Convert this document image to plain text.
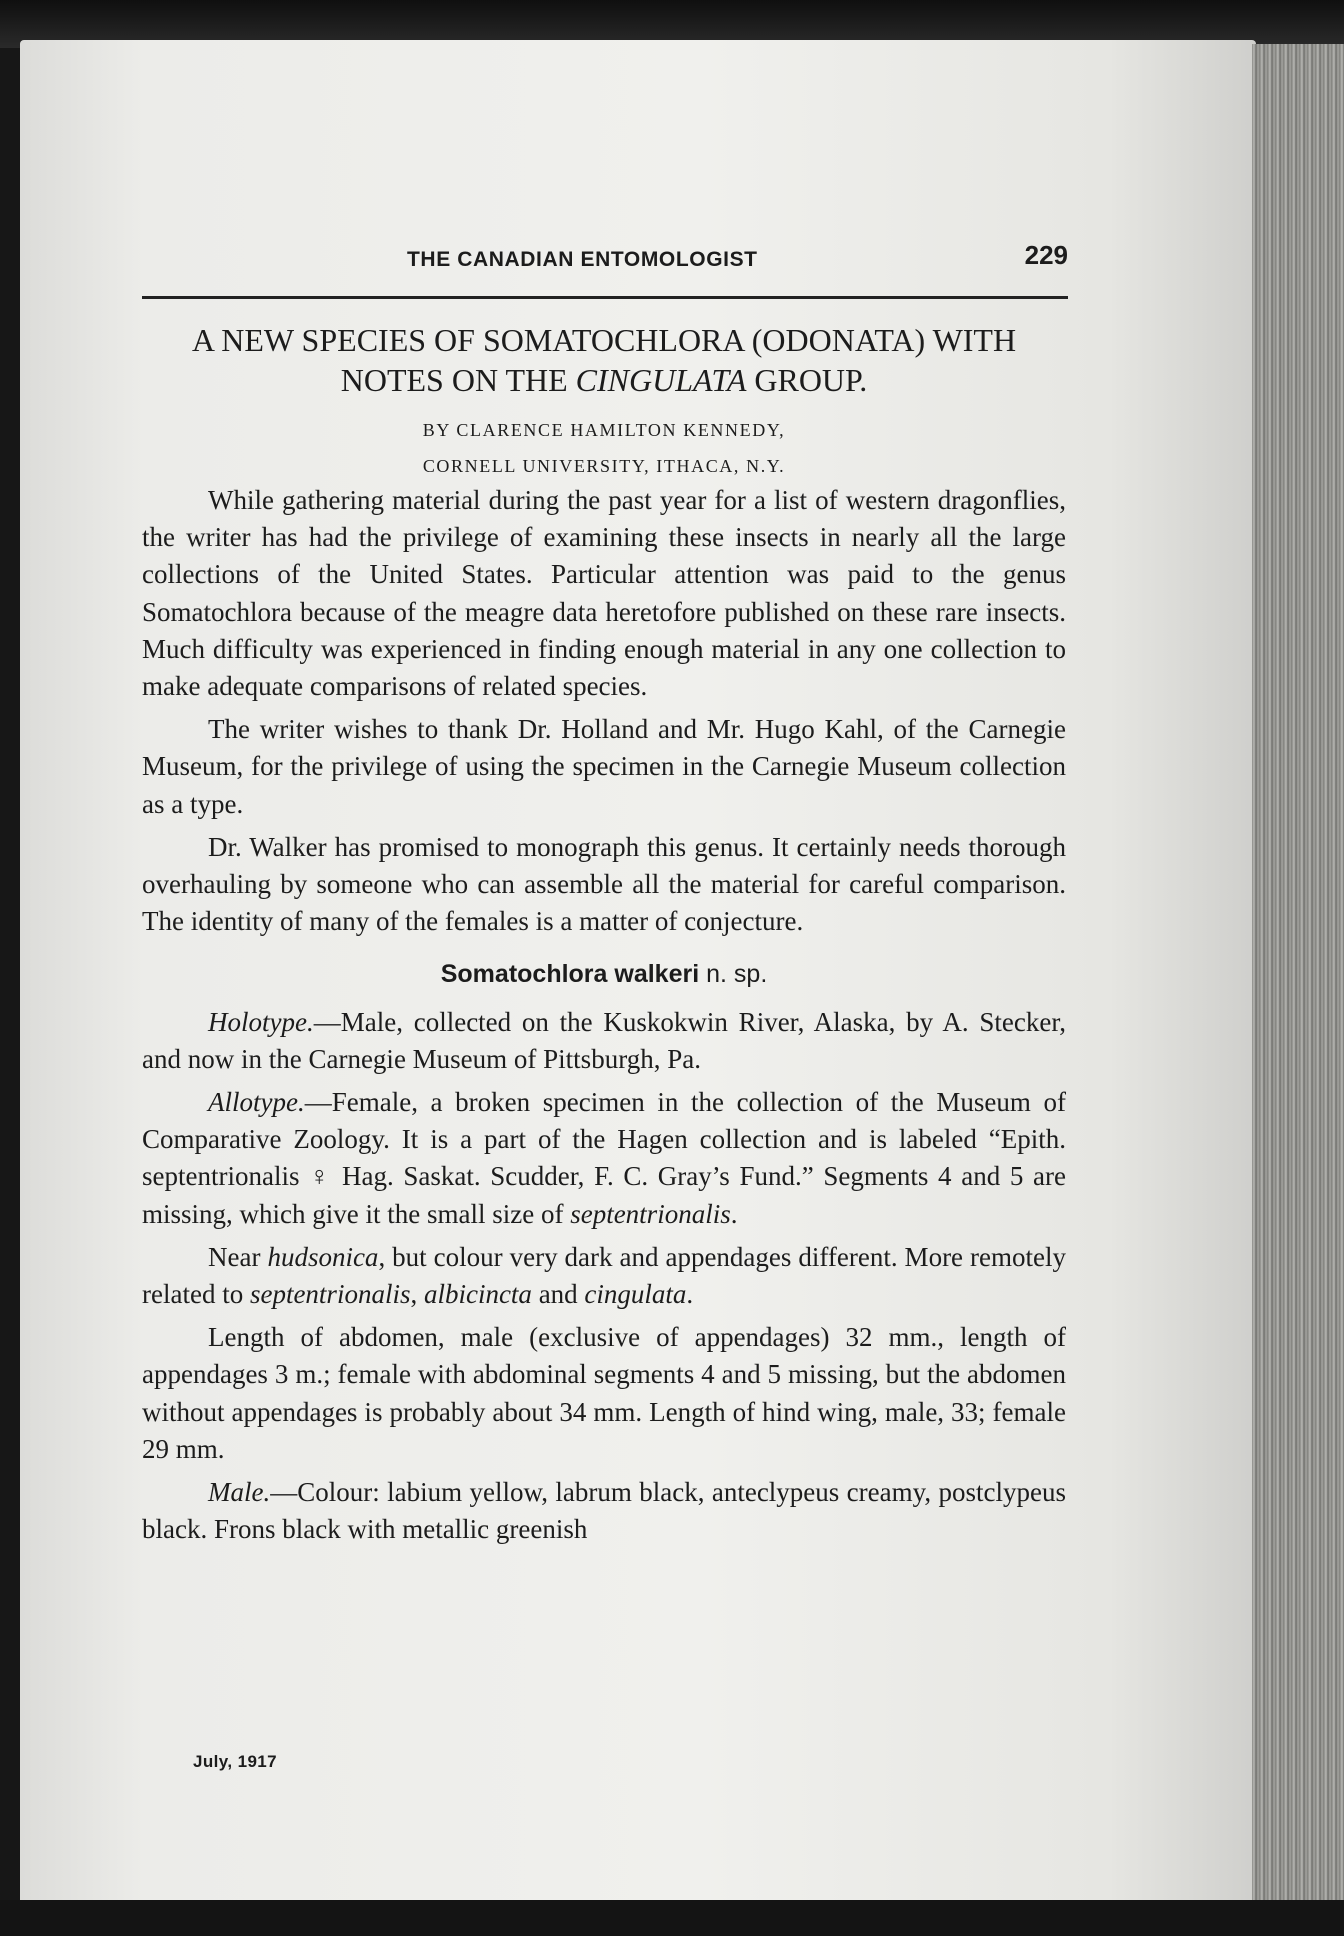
THE CANADIAN ENTOMOLOGIST	229
A NEW SPECIES OF SOMATOCHLORA (ODONATA) WITH
NOTES ON THE CINGULATA GROUP.
BY CLARENCE HAMILTON KENNEDY,
CORNELL UNIVERSITY, ITHACA, N.Y.

While gathering material during the past year for a list of western dragonflies, the writer has had the privilege of examining these insects in nearly all the large collections of the United States. Particular attention was paid to the genus Somatochlora because of the meagre data heretofore published on these rare insects. Much difficulty was experienced in finding enough material in any one collection to make adequate comparisons of related species.

The writer wishes to thank Dr. Holland and Mr. Hugo Kahl, of the Carnegie Museum, for the privilege of using the specimen in the Carnegie Museum collection as a type.

Dr. Walker has promised to monograph this genus. It certainly needs thorough overhauling by someone who can assemble all the material for careful comparison. The identity of many of the females is a matter of conjecture.

Somatochlora walkeri n. sp.

Holotype.—Male, collected on the Kuskokwin River, Alaska, by A. Stecker, and now in the Carnegie Museum of Pittsburgh, Pa.

Allotype.—Female, a broken specimen in the collection of the Museum of Comparative Zoology. It is a part of the Hagen collection and is labeled “Epith. septentrionalis ♀ Hag. Saskat. Scudder, F. C. Gray’s Fund.” Segments 4 and 5 are missing, which give it the small size of septentrionalis.

Near hudsonica, but colour very dark and appendages different. More remotely related to septentrionalis, albicincta and cingulata.

Length of abdomen, male (exclusive of appendages) 32 mm., length of appendages 3 m.; female with abdominal segments 4 and 5 missing, but the abdomen without appendages is probably about 34 mm. Length of hind wing, male, 33; female 29 mm.

Male.—Colour: labium yellow, labrum black, anteclypeus creamy, postclypeus black. Frons black with metallic greenish

July, 1917
